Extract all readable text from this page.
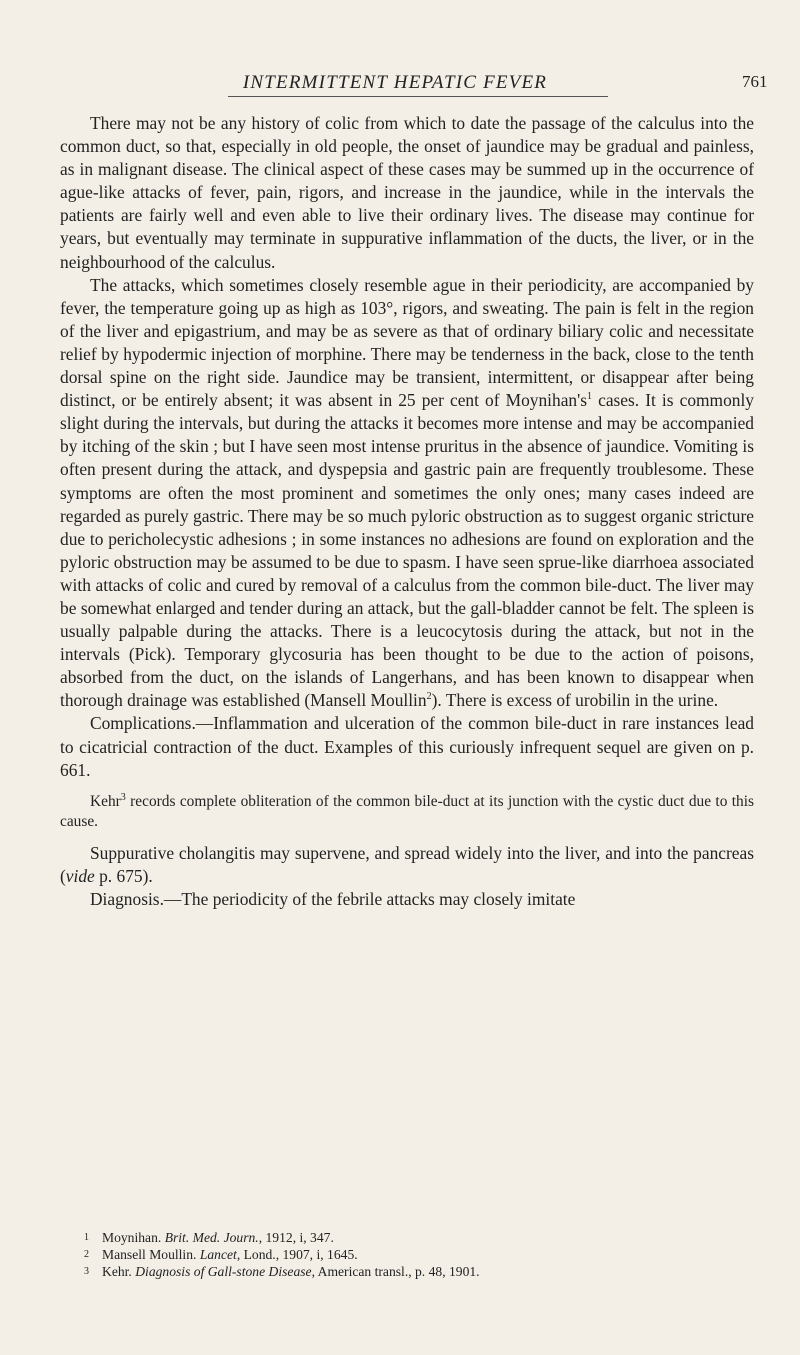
INTERMITTENT HEPATIC FEVER	761

There may not be any history of colic from which to date the passage of the calculus into the common duct, so that, especially in old people, the onset of jaundice may be gradual and painless, as in malignant disease. The clinical aspect of these cases may be summed up in the occurrence of ague-like attacks of fever, pain, rigors, and increase in the jaundice, while in the intervals the patients are fairly well and even able to live their ordinary lives. The disease may continue for years, but eventually may terminate in suppurative inflammation of the ducts, the liver, or in the neighbourhood of the calculus.

The attacks, which sometimes closely resemble ague in their periodicity, are accompanied by fever, the temperature going up as high as 103°, rigors, and sweating. The pain is felt in the region of the liver and epigastrium, and may be as severe as that of ordinary biliary colic and necessitate relief by hypodermic injection of morphine. There may be tenderness in the back, close to the tenth dorsal spine on the right side. Jaundice may be transient, intermittent, or disappear after being distinct, or be entirely absent; it was absent in 25 per cent of $Moynihan's^1$ cases. It is commonly slight during the intervals, but during the attacks it becomes more intense and may be accompanied by itching of the skin ; but I have seen most intense pruritus in the absence of jaundice. Vomiting is often present during the attack, and dyspepsia and gastric pain are frequently troublesome. These symptoms are often the most prominent and sometimes the only ones; many cases indeed are regarded as purely gastric. There may be so much pyloric obstruction as to suggest organic stricture due to pericholecystic adhesions ; in some instances no adhesions are found on exploration and the pyloric obstruction may be assumed to be due to spasm. I have seen sprue-like diarrhoea associated with attacks of colic and cured by removal of a calculus from the common bile-duct. The liver may be somewhat enlarged and tender during an attack, but the gall-bladder cannot be felt. The spleen is usually palpable during the attacks. There is a leucocytosis during the attack, but not in the intervals (Pick). Temporary glycosuria has been thought to be due to the action of poisons, absorbed from the duct, on the islands of Langerhans, and has been known to disappear when thorough drainage was established (Mansell Moullin$^2$). There is excess of urobilin in the urine.

Complications.—Inflammation and ulceration of the common bile-duct in rare instances lead to cicatricial contraction of the duct. Examples of this curiously infrequent sequel are given on p. 661.

Kehr$^3$ records complete obliteration of the common bile-duct at its junction with the cystic duct due to this cause.

Suppurative cholangitis may supervene, and spread widely into the liver, and into the pancreas (vide p. 675).

Diagnosis.—The periodicity of the febrile attacks may closely imitate

1 Moynihan. Brit. Med. Journ., 1912, i, 347.

2 Mansell Moullin. Lancet, Lond., 1907, i, 1645.

3 Kehr. Diagnosis of Gall-stone Disease, American transl., p. 48, 1901.
